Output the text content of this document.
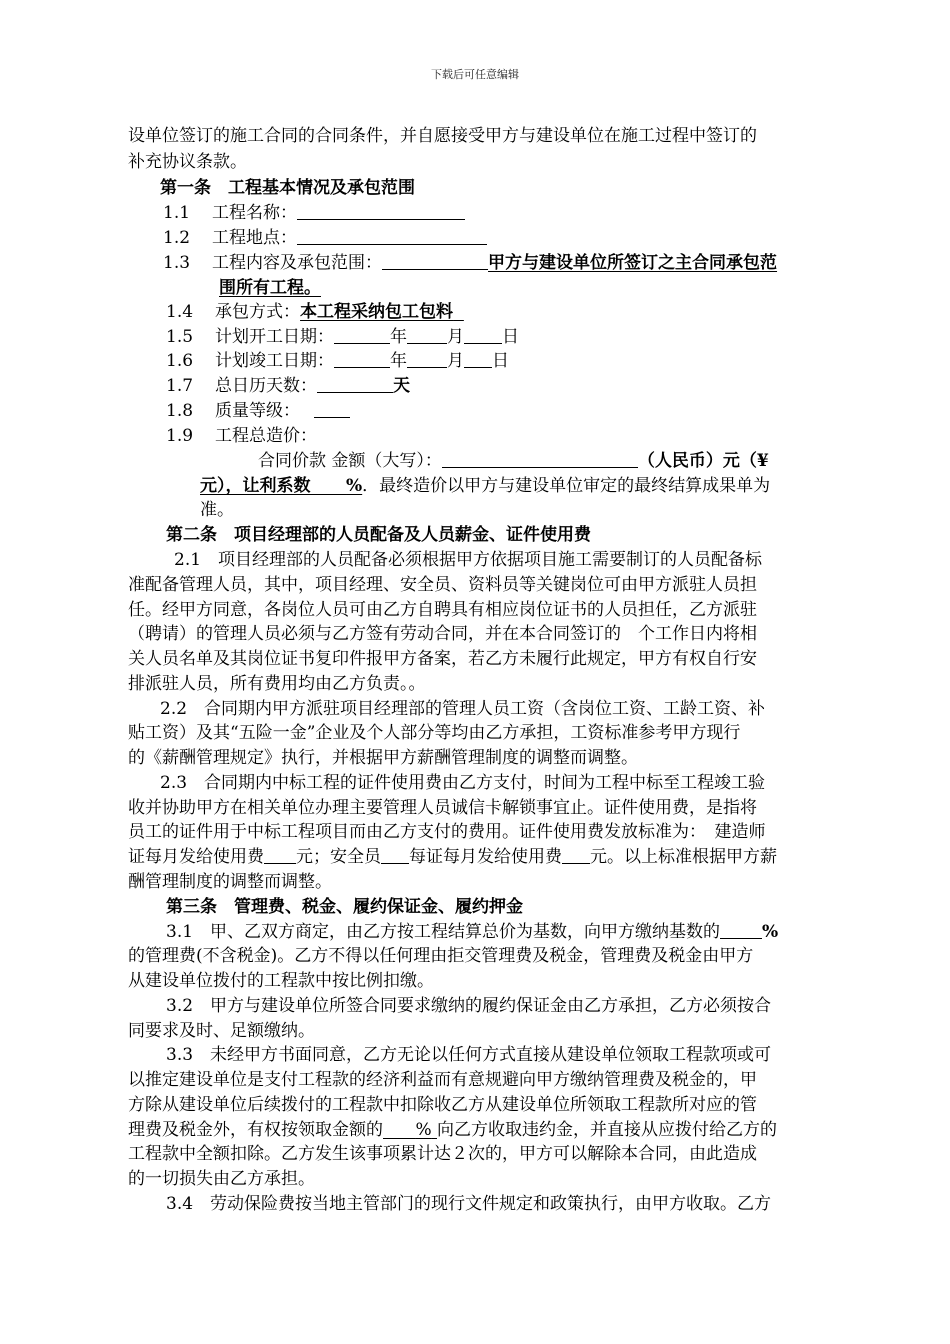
下载后可任意编辑
设单位签订的施工合同的合同条件，并自愿接受甲方与建设单位在施工过程中签订的
补充协议条款。
第一条　工程基本情况及承包范围
1.1 工程名称：
1.2 工程地点：
1.3 工程内容及承包范围：	甲方与建设单位所签订之主合同承包范
围所有工程。
1.4 承包方式：本工程采纳包工包料
1.5 计划开工日期：	年 月 日
1.6 计划竣工日期：	年 月 日
1.7 总日历天数：	天
1.8 质量等级：
1.9 工程总造价：
合同价款 金额（大写）：	（人民币）元（¥
元），让利系数 %．最终造价以甲方与建设单位审定的最终结算成果单为
准。
第二条　项目经理部的人员配备及人员薪金、证件使用费
2.1　项目经理部的人员配备必须根据甲方依据项目施工需要制订的人员配备标
准配备管理人员，其中，项目经理、安全员、资料员等关键岗位可由甲方派驻人员担
任。经甲方同意，各岗位人员可由乙方自聘具有相应岗位证书的人员担任，乙方派驻
（聘请）的管理人员必须与乙方签有劳动合同，并在本合同签订的　个工作日内将相
关人员名单及其岗位证书复印件报甲方备案，若乙方未履行此规定，甲方有权自行安
排派驻人员，所有费用均由乙方负责。。
2.2　合同期内甲方派驻项目经理部的管理人员工资（含岗位工资、工龄工资、补
贴工资）及其“五险一金”企业及个人部分等均由乙方承担，工资标准参考甲方现行
的《薪酬管理规定》执行，并根据甲方薪酬管理制度的调整而调整。
2.3　合同期内中标工程的证件使用费由乙方支付，时间为工程中标至工程竣工验
收并协助甲方在相关单位办理主要管理人员诚信卡解锁事宜止。证件使用费，是指将
员工的证件用于中标工程项目而由乙方支付的费用。证件使用费发放标准为：　建造师
证每月发给使用费 元；安全员 每证每月发给使用费 元。以上标准根据甲方薪
酬管理制度的调整而调整。
第三条　管理费、税金、履约保证金、履约押金
3.1　甲、乙双方商定，由乙方按工程结算总价为基数，向甲方缴纳基数的 %
的管理费(不含税金)。乙方不得以任何理由拒交管理费及税金，管理费及税金由甲方
从建设单位拨付的工程款中按比例扣缴。
3.2　甲方与建设单位所签合同要求缴纳的履约保证金由乙方承担，乙方必须按合
同要求及时、足额缴纳。
3.3　未经甲方书面同意，乙方无论以任何方式直接从建设单位领取工程款项或可
以推定建设单位是支付工程款的经济利益而有意规避向甲方缴纳管理费及税金的，甲
方除从建设单位后续拨付的工程款中扣除收乙方从建设单位所领取工程款所对应的管
理费及税金外，有权按领取金额的 % 向乙方收取违约金，并直接从应拨付给乙方的
工程款中全额扣除。乙方发生该事项累计达２次的，甲方可以解除本合同，由此造成
的一切损失由乙方承担。
3.4　劳动保险费按当地主管部门的现行文件规定和政策执行，由甲方收取。乙方
